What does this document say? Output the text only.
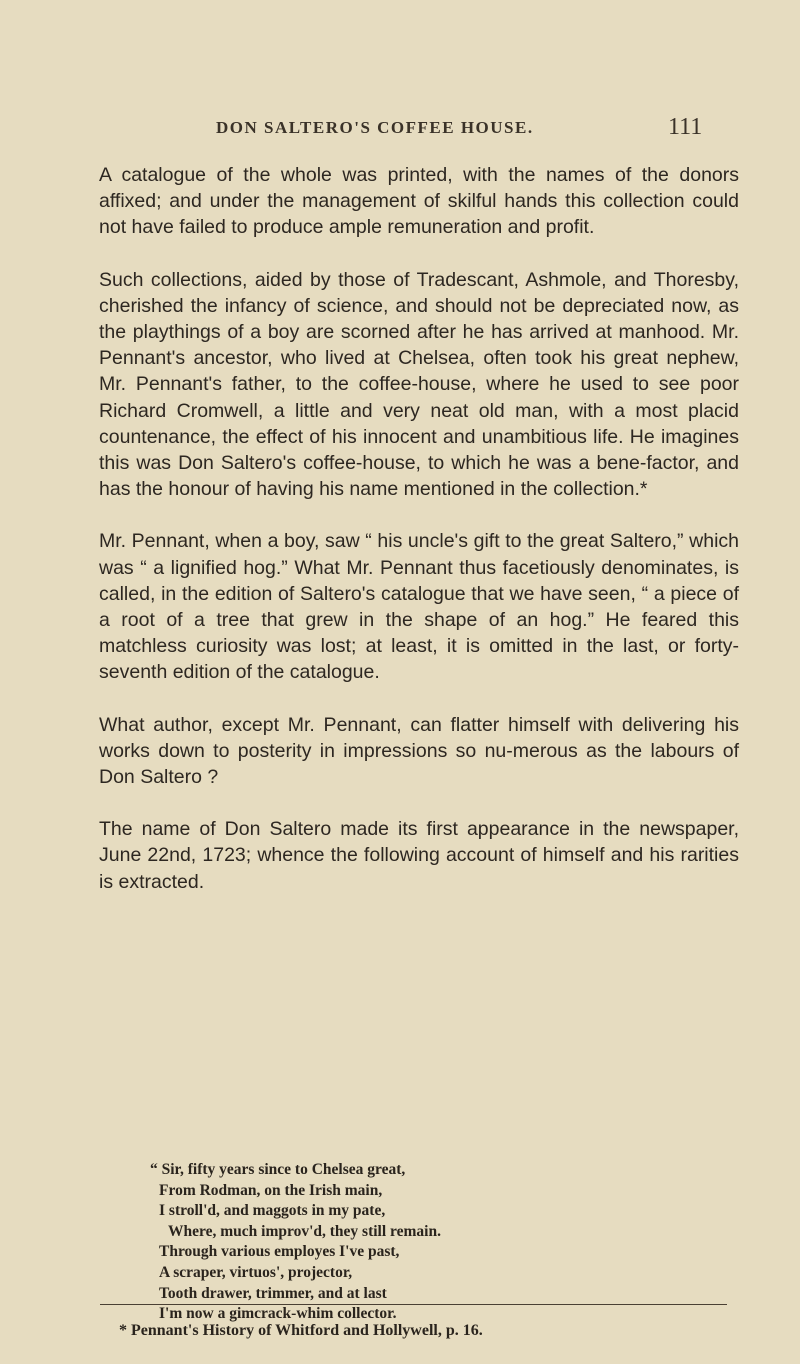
DON SALTERO'S COFFEE HOUSE.	111

A catalogue of the whole was printed, with the names of the donors affixed; and under the management of skilful hands this collection could not have failed to produce ample remuneration and profit.

Such collections, aided by those of Tradescant, Ashmole, and Thoresby, cherished the infancy of science, and should not be depreciated now, as the playthings of a boy are scorned after he has arrived at manhood. Mr. Pennant's ancestor, who lived at Chelsea, often took his great nephew, Mr. Pennant's father, to the coffee-house, where he used to see poor Richard Cromwell, a little and very neat old man, with a most placid countenance, the effect of his innocent and unambitious life. He imagines this was Don Saltero's coffee-house, to which he was a bene-factor, and has the honour of having his name mentioned in the collection.*

Mr. Pennant, when a boy, saw “ his uncle's gift to the great Saltero,” which was “ a lignified hog.” What Mr. Pennant thus facetiously denominates, is called, in the edition of Saltero's catalogue that we have seen, “ a piece of a root of a tree that grew in the shape of an hog.” He feared this matchless curiosity was lost; at least, it is omitted in the last, or forty-seventh edition of the catalogue.

What author, except Mr. Pennant, can flatter himself with delivering his works down to posterity in impressions so nu-merous as the labours of Don Saltero ?

The name of Don Saltero made its first appearance in the newspaper, June 22nd, 1723; whence the following account of himself and his rarities is extracted.

“ Sir, fifty years since to Chelsea great,
From Rodman, on the Irish main,
I stroll'd, and maggots in my pate,
Where, much improv'd, they still remain.
Through various employes I've past,
A scraper, virtuos', projector,
Tooth drawer, trimmer, and at last
I'm now a gimcrack-whim collector.
* Pennant's History of Whitford and Hollywell, p. 16.
